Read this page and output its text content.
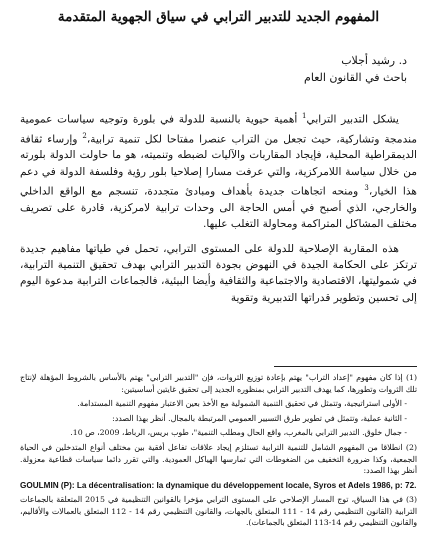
المفهوم الجديد للتدبير الترابي في سياق الجهوية المتقدمة
د. رشيد أجلاب
باحث في القانون العام

يشكل التدبير الترابي$^1$ أهمية حيوية بالنسبة للدولة في بلورة وتوجيه سياسات عمومية مندمجة وتشاركية، حيث تجعل من التراب عنصرا مفتاحا لكل تنمية ترابية،$^2$ وإرساء ثقافة الديمقراطية المحلية، فإيجاد المقاربات والآليات لضبطه وتنميته، هو ما حاولت الدولة بلورته من خلال سياسة اللامركزية، والتي عرفت مسارا إصلاحيا بلور رؤية وفلسفة الدولة في دعم هذا الخيار،$^3$ ومنحه اتجاهات جديدة بأهداف ومبادئ متجددة، تنسجم مع الواقع الداخلي والخارجي، الذي أصبح في أمس الحاجة الى وحدات ترابية لامركزية، قادرة على تصريف مختلف المشاكل المتراكمة ومحاولة التغلب عليها.

هذه المقاربة الإصلاحية للدولة على المستوى الترابي، تحمل في طياتها مفاهيم جديدة ترتكز على الحكامة الجيدة في النهوض بجودة التدبير الترابي بهدف تحقيق التنمية الترابية، في شموليتها، الاقتصادية والاجتماعية والثقافية وأيضا البيئية، فالجماعات الترابية مدعوة اليوم إلى تحسين وتطوير قدراتها التدبيرية وتقوية

(1) إذا كان مفهوم "إعداد التراب" يهتم بإعادة توزيع الثروات، فإن "التدبير الترابي" يهتم بالأساس بالشروط المؤهلة لإنتاج تلك الثروات وتطورها، كما يهدف التدبير الترابي بمنظوره الجديد إلى تحقيق غايتين أساسيتين:

- الأولى استراتيجية، وتتمثل في تحقيق التنمية الشمولية مع الأخذ بعين الاعتبار مفهوم التنمية المستدامة.

- الثانية عملية، وتتمثل في تطوير طرق التسيير العمومي المرتبطة بالمجال. أنظر بهذا الصدد:

- جمال خلوق. التدبير الترابي بالمغرب، واقع الحال ومطلب التنمية"، طوب بريس، الرباط، 2009، ص 10.

(2) انطلاقا من المفهوم الشامل للتنمية الترابية تستلزم إيجاد علاقات تفاعل أفقية بين مختلف أنواع المتدخلين في الحياة الجمعية، وكذا ضرورة التخفيف من الضغوطات التي تمارسها الهياكل العمودية. والتي تقرر دائما سياسات قطاعية معزولة. أنظر بهذا الصدد:

GOULMIN (P): La décentralisation: la dynamique du développement locale, Syros et Adels 1986, p: 72.

(3) في هذا السياق، توج المسار الإصلاحي على المستوى الترابي مؤخرا بالقوانين التنظيمية في 2015 المتعلقة بالجماعات الترابية (القانون التنظيمي رقم 14 - 111 المتعلق بالجهات، والقانون التنظيمي رقم 14 - 112 المتعلق بالعمالات والأقاليم، والقانون التنظيمي رقم 14-113 المتعلق بالجماعات).
